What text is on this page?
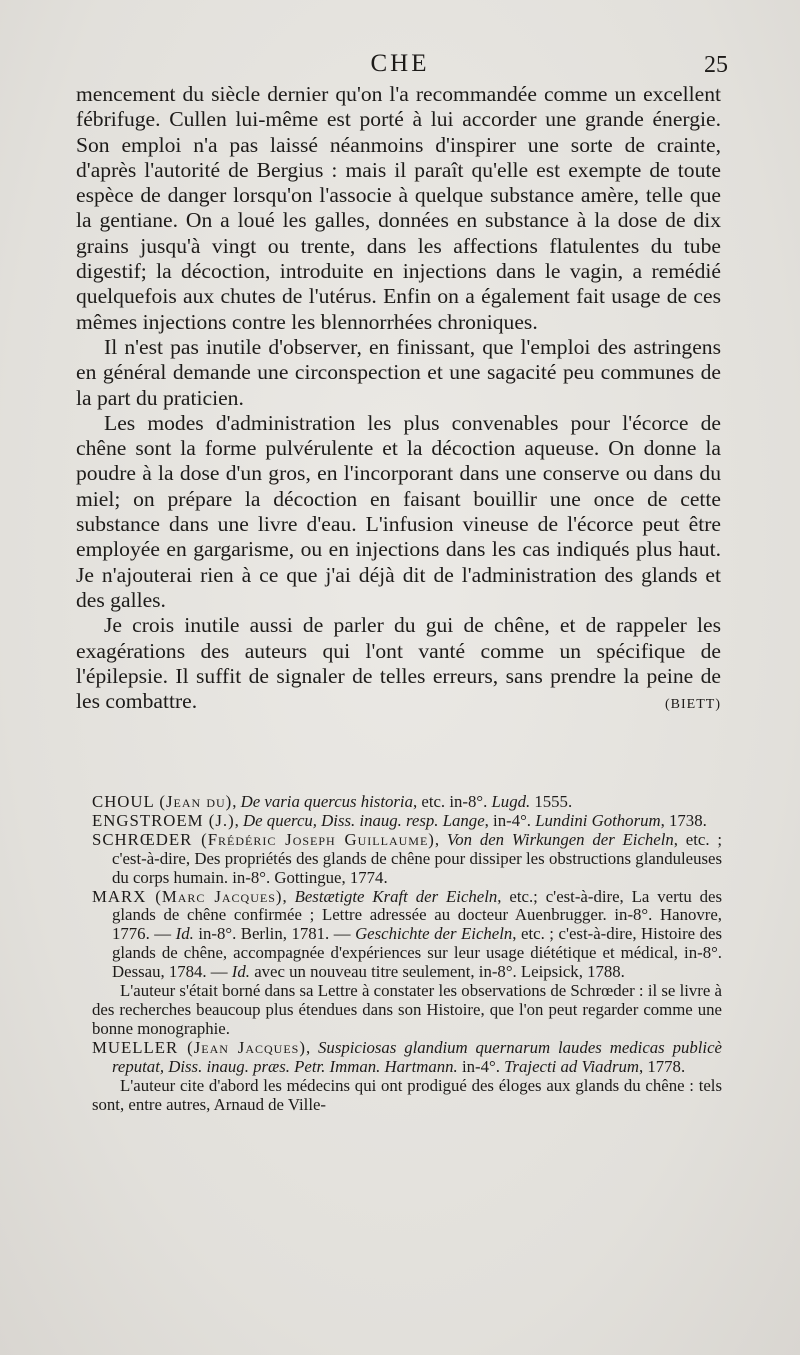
CHE	25

mencement du siècle dernier qu'on l'a recommandée comme un excellent fébrifuge. Cullen lui-même est porté à lui accorder une grande énergie. Son emploi n'a pas laissé néanmoins d'inspirer une sorte de crainte, d'après l'autorité de Bergius : mais il paraît qu'elle est exempte de toute espèce de danger lorsqu'on l'associe à quelque substance amère, telle que la gentiane. On a loué les galles, données en substance à la dose de dix grains jusqu'à vingt ou trente, dans les affections flatulentes du tube digestif; la décoction, introduite en injections dans le vagin, a remédié quelquefois aux chutes de l'utérus. Enfin on a également fait usage de ces mêmes injections contre les blennorrhées chroniques.

Il n'est pas inutile d'observer, en finissant, que l'emploi des astringens en général demande une circonspection et une sagacité peu communes de la part du praticien.

Les modes d'administration les plus convenables pour l'écorce de chêne sont la forme pulvérulente et la décoction aqueuse. On donne la poudre à la dose d'un gros, en l'incorporant dans une conserve ou dans du miel; on prépare la décoction en faisant bouillir une once de cette substance dans une livre d'eau. L'infusion vineuse de l'écorce peut être employée en gargarisme, ou en injections dans les cas indiqués plus haut. Je n'ajouterai rien à ce que j'ai déjà dit de l'administration des glands et des galles.

Je crois inutile aussi de parler du gui de chêne, et de rappeler les exagérations des auteurs qui l'ont vanté comme un spécifique de l'épilepsie. Il suffit de signaler de telles erreurs, sans prendre la peine de les combattre.	(BIETT)

CHOUL (Jean du), De varia quercus historia, etc. in-8°. Lugd. 1555.

ENGSTROEM (J.), De quercu, Diss. inaug. resp. Lange, in-4°. Lundini Gothorum, 1738.

SCHRŒDER (Frédéric Joseph Guillaume), Von den Wirkungen der Eicheln, etc. ; c'est-à-dire, Des propriétés des glands de chêne pour dissiper les obstructions glanduleuses du corps humain. in-8°. Gottingue, 1774.

MARX (Marc Jacques), Bestætigte Kraft der Eicheln, etc.; c'est-à-dire, La vertu des glands de chêne confirmée ; Lettre adressée au docteur Auenbrugger. in-8°. Hanovre, 1776. — Id. in-8°. Berlin, 1781. — Geschichte der Eicheln, etc. ; c'est-à-dire, Histoire des glands de chêne, accompagnée d'expériences sur leur usage diététique et médical, in-8°. Dessau, 1784. — Id. avec un nouveau titre seulement, in-8°. Leipsick, 1788.

L'auteur s'était borné dans sa Lettre à constater les observations de Schrœder : il se livre à des recherches beaucoup plus étendues dans son Histoire, que l'on peut regarder comme une bonne monographie.

MUELLER (Jean Jacques), Suspiciosas glandium quernarum laudes medicas publicè reputat, Diss. inaug. præs. Petr. Imman. Hartmann. in-4°. Trajecti ad Viadrum, 1778.

L'auteur cite d'abord les médecins qui ont prodigué des éloges aux glands du chêne : tels sont, entre autres, Arnaud de Ville-
